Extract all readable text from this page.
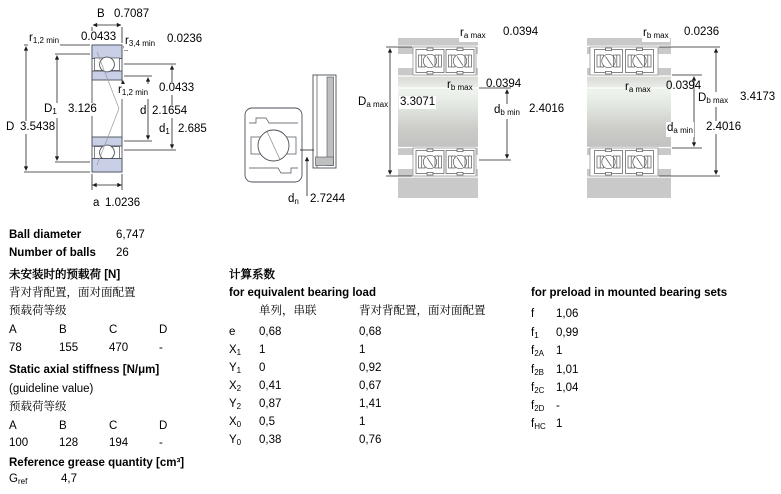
B 0.7087
$r_{1,2 min}$ 0.0433 $r_{3,4 min}$ 0.0236
$r_{1,2 min}$ 0.0433
$D_1$ 3.126	d 2.1654
D 3.5438	$d_1$ 2.685
a 1.0236	$d_n$ 2.7244
$r_{a max}$ 0.0394
$D_{a max}$ 3.3071
$r_{b max}$ 0.0394
$d_{b min}$ 2.4016
$r_{b max}$ 0.0236
$r_{a max}$ 0.0394
$D_{b max}$ 3.4173
$d_{a min}$ 2.4016
Ball diameter	6,747
Number of balls 26
未安装时的预载荷 [N]
背对背配置，面对面配置
预载荷等级
A	B	C	D
78	155	470	-
Static axial stiffness [N/μm]
(guideline value)
预载荷等级
A	B	C	D
100	128	194	-
Reference grease quantity [cm³]
$G_{ref}$	4,7
计算系数
for equivalent bearing load
单列，串联	背对背配置，面对面配置
e 0,68	0,68
$X_1$ 1	1
$Y_1$ 0	0,92
$X_2$ 0,41	0,67
$Y_2$ 0,87	1,41
$X_0$ 0,5	1
$Y_0$ 0,38	0,76
for preload in mounted bearing sets
f 1,06
$f_1$ 0,99
$f_{2A}$ 1
$f_{2B}$ 1,01
$f_{2C}$ 1,04
$f_{2D}$ -
$f_{HC}$ 1
